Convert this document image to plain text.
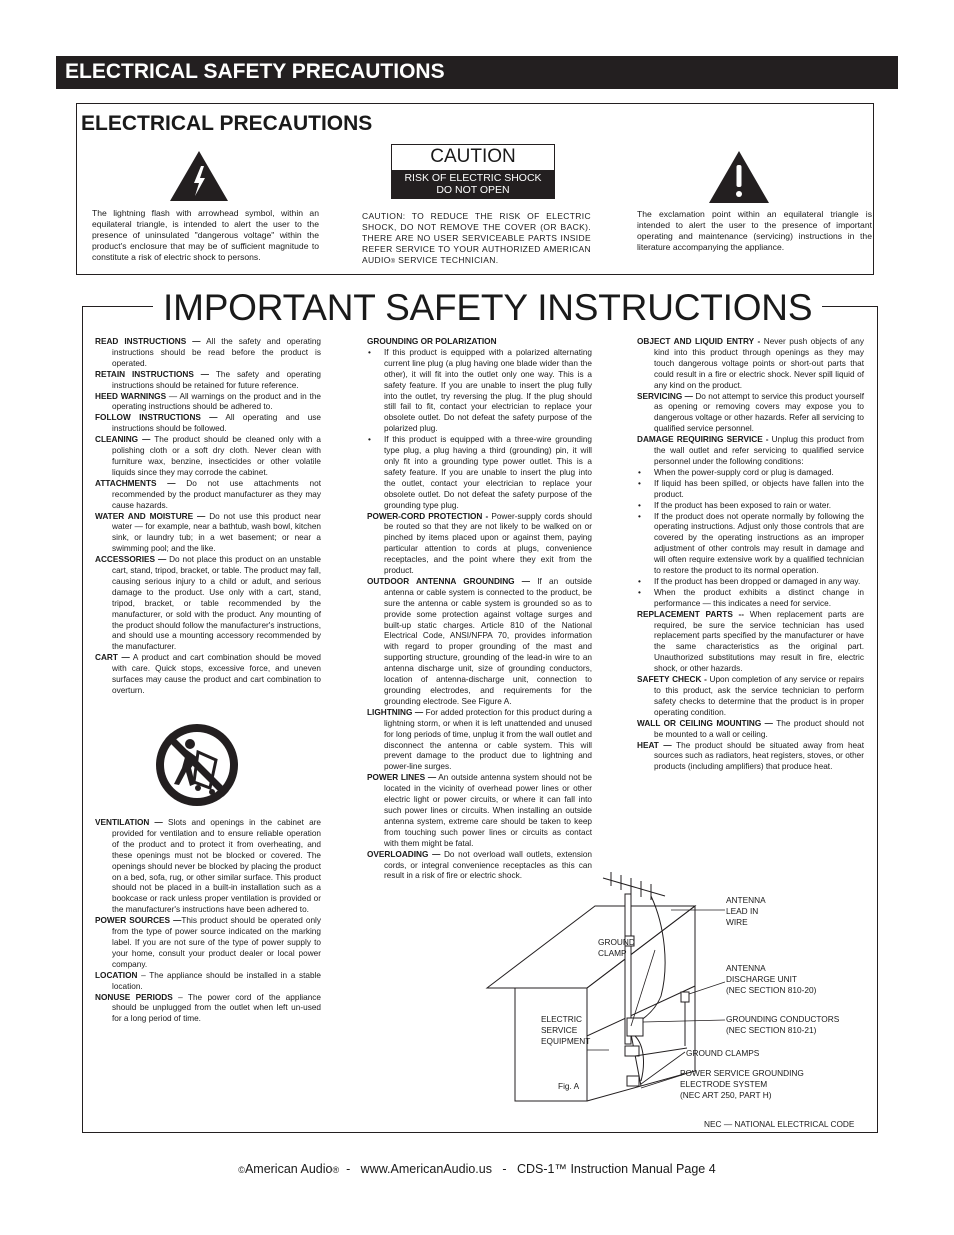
ELECTRICAL SAFETY PRECAUTIONS
ELECTRICAL PRECAUTIONS
The lightning flash with arrowhead symbol, within an equilateral triangle, is intended to alert the user to the presence of uninsulated "dangerous voltage" within the product's enclosure that may be of sufficient magnitude to constitute a risk of electric shock to persons.
CAUTION
RISK OF ELECTRIC SHOCK
DO NOT OPEN
CAUTION: TO REDUCE THE RISK OF ELECTRIC SHOCK, DO NOT REMOVE THE COVER (OR BACK). THERE ARE NO USER SERVICEABLE PARTS INSIDE REFER SERVICE TO YOUR AUTHORIZED AMERICAN AUDIO® SERVICE TECHNICIAN.
The exclamation point within an equilateral triangle is intended to alert the user to the presence of important operating and maintenance (servicing) instructions in the literature accompanying the appliance.
IMPORTANT SAFETY INSTRUCTIONS

READ INSTRUCTIONS — All the safety and operating instructions should be read before the product is operated.

RETAIN INSTRUCTIONS — The safety and operating instructions should be retained for future reference.

HEED WARNINGS — All warnings on the product and in the operating instructions should be adhered to.

FOLLOW INSTRUCTIONS — All operating and use instructions should be followed.

CLEANING — The product should be cleaned only with a polishing cloth or a soft dry cloth. Never clean with furniture wax, benzine, insecticides or other volatile liquids since they may corrode the cabinet.

ATTACHMENTS — Do not use attachments not recommended by the product manufacturer as they may cause hazards.

WATER AND MOISTURE — Do not use this product near water — for example, near a bathtub, wash bowl, kitchen sink, or laundry tub; in a wet basement; or near a swimming pool; and the like.

ACCESSORIES — Do not place this product on an unstable cart, stand, tripod, bracket, or table. The product may fall, causing serious injury to a child or adult, and serious damage to the product. Use only with a cart, stand, tripod, bracket, or table recommended by the manufacturer, or sold with the product. Any mounting of the product should follow the manufacturer's instructions, and should use a mounting accessory recommended by the manufacturer.

CART — A product and cart combination should be moved with care. Quick stops, excessive force, and uneven surfaces may cause the product and cart combination to overturn.

VENTILATION — Slots and openings in the cabinet are provided for ventilation and to ensure reliable operation of the product and to protect it from overheating, and these openings must not be blocked or covered. The openings should never be blocked by placing the product on a bed, sofa, rug, or other similar surface. This product should not be placed in a built-in installation such as a bookcase or rack unless proper ventilation is provided or the manufacturer's instructions have been adhered to.

POWER SOURCES —This product should be operated only from the type of power source indicated on the marking label. If you are not sure of the type of power supply to your home, consult your product dealer or local power company.

LOCATION – The appliance should be installed in a stable location.

NONUSE PERIODS – The power cord of the appliance should be unplugged from the outlet when left un-used for a long period of time.

GROUNDING OR POLARIZATION

• If this product is equipped with a polarized alternating current line plug (a plug having one blade wider than the other), it will fit into the outlet only one way. This is a safety feature. If you are unable to insert the plug fully into the outlet, try reversing the plug. If the plug should still fail to fit, contact your electrician to replace your obsolete outlet. Do not defeat the safety purpose of the polarized plug.

• If this product is equipped with a three-wire grounding type plug, a plug having a third (grounding) pin, it will only fit into a grounding type power outlet. This is a safety feature. If you are unable to insert the plug into the outlet, contact your electrician to replace your obsolete outlet. Do not defeat the safety purpose of the grounding type plug.

POWER-CORD PROTECTION - Power-supply cords should be routed so that they are not likely to be walked on or pinched by items placed upon or against them, paying particular attention to cords at plugs, convenience receptacles, and the point where they exit from the product.

OUTDOOR ANTENNA GROUNDING — If an outside antenna or cable system is connected to the product, be sure the antenna or cable system is grounded so as to provide some protection against voltage surges and built-up static charges. Article 810 of the National Electrical Code, ANSI/NFPA 70, provides information with regard to proper grounding of the mast and supporting structure, grounding of the lead-in wire to an antenna discharge unit, size of grounding conductors, location of antenna-discharge unit, connection to grounding electrodes, and requirements for the grounding electrode. See Figure A.

LIGHTNING — For added protection for this product during a lightning storm, or when it is left unattended and unused for long periods of time, unplug it from the wall outlet and disconnect the antenna or cable system. This will prevent damage to the product due to lightning and power-line surges.

POWER LINES — An outside antenna system should not be located in the vicinity of overhead power lines or other electric light or power circuits, or where it can fall into such power lines or circuits. When installing an outside antenna system, extreme care should be taken to keep from touching such power lines or circuits as contact with them might be fatal.

OVERLOADING — Do not overload wall outlets, extension cords, or integral convenience receptacles as this can result in a risk of fire or electric shock.

OBJECT AND LIQUID ENTRY - Never push objects of any kind into this product through openings as they may touch dangerous voltage points or short-out parts that could result in a fire or electric shock. Never spill liquid of any kind on the product.

SERVICING — Do not attempt to service this product yourself as opening or removing covers may expose you to dangerous voltage or other hazards. Refer all servicing to qualified service personnel.

DAMAGE REQUIRING SERVICE - Unplug this product from the wall outlet and refer servicing to qualified service personnel under the following conditions:

• When the power-supply cord or plug is damaged.

• If liquid has been spilled, or objects have fallen into the product.

• If the product has been exposed to rain or water.

• If the product does not operate normally by following the operating instructions. Adjust only those controls that are covered by the operating instructions as an improper adjustment of other controls may result in damage and will often require extensive work by a qualified technician to restore the product to its normal operation.

• If the product has been dropped or damaged in any way.

• When the product exhibits a distinct change in performance — this indicates a need for service.

REPLACEMENT PARTS -- When replacement parts are required, be sure the service technician has used replacement parts specified by the manufacturer or have the same characteristics as the original part. Unauthorized substitutions may result in fire, electric shock, or other hazards.

SAFETY CHECK - Upon completion of any service or repairs to this product, ask the service technician to perform safety checks to determine that the product is in proper operating condition.

WALL OR CEILING MOUNTING — The product should not be mounted to a wall or ceiling.

HEAT — The product should be situated away from heat sources such as radiators, heat registers, stoves, or other products (including amplifiers) that produce heat.

ANTENNA
LEAD IN
WIRE
GROUND
CLAMP
ANTENNA
DISCHARGE UNIT
(NEC SECTION 810-20)
ELECTRIC
SERVICE
EQUIPMENT
GROUNDING CONDUCTORS
(NEC SECTION 810-21)
GROUND CLAMPS
POWER SERVICE GROUNDING
ELECTRODE SYSTEM
(NEC ART 250, PART H)
Fig. A
NEC — NATIONAL ELECTRICAL CODE
©American Audio®  -   www.AmericanAudio.us   -   CDS-1™ Instruction Manual Page 4
